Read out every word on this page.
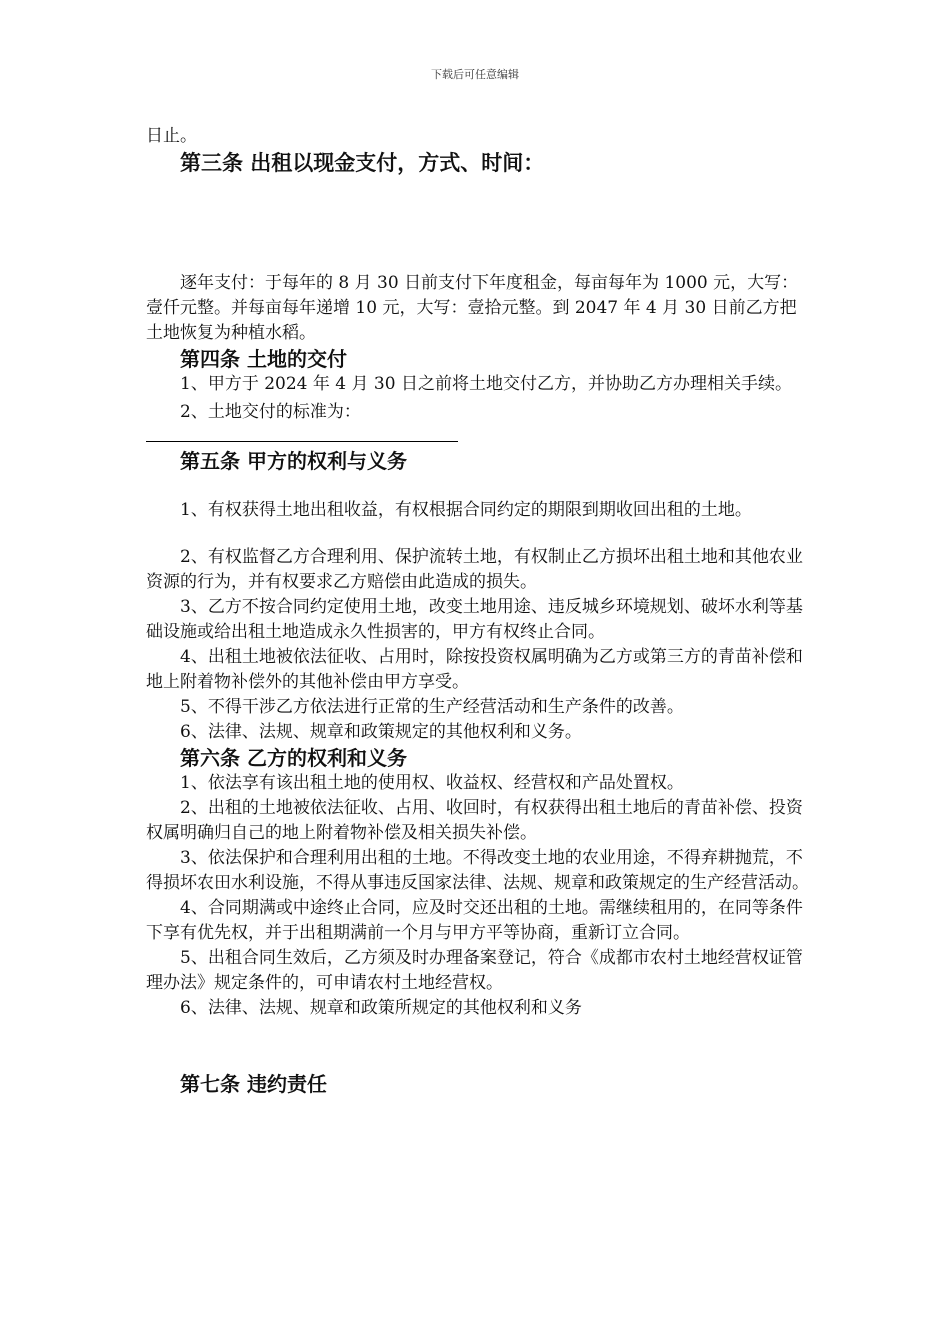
下载后可任意编辑

日止。

第三条 出租以现金支付，方式、时间：

逐年支付：于每年的 8 月 30 日前支付下年度租金，每亩每年为 1000 元，大写：壹仟元整。并每亩每年递增 10 元，大写：壹拾元整。到 2047 年 4 月 30 日前乙方把土地恢复为种植水稻。

第四条 土地的交付

1、甲方于 2024 年 4 月 30 日之前将土地交付乙方，并协助乙方办理相关手续。

2、土地交付的标准为：

第五条 甲方的权利与义务

1、有权获得土地出租收益，有权根据合同约定的期限到期收回出租的土地。

2、有权监督乙方合理利用、保护流转土地，有权制止乙方损坏出租土地和其他农业资源的行为，并有权要求乙方赔偿由此造成的损失。

3、乙方不按合同约定使用土地，改变土地用途、违反城乡环境规划、破坏水利等基础设施或给出租土地造成永久性损害的，甲方有权终止合同。

4、出租土地被依法征收、占用时，除按投资权属明确为乙方或第三方的青苗补偿和地上附着物补偿外的其他补偿由甲方享受。

5、不得干涉乙方依法进行正常的生产经营活动和生产条件的改善。

6、法律、法规、规章和政策规定的其他权利和义务。

第六条 乙方的权利和义务

1、依法享有该出租土地的使用权、收益权、经营权和产品处置权。

2、出租的土地被依法征收、占用、收回时，有权获得出租土地后的青苗补偿、投资权属明确归自己的地上附着物补偿及相关损失补偿。

3、依法保护和合理利用出租的土地。不得改变土地的农业用途，不得弃耕抛荒，不得损坏农田水利设施，不得从事违反国家法律、法规、规章和政策规定的生产经营活动。

4、合同期满或中途终止合同，应及时交还出租的土地。需继续租用的，在同等条件下享有优先权，并于出租期满前一个月与甲方平等协商，重新订立合同。

5、出租合同生效后，乙方须及时办理备案登记，符合《成都市农村土地经营权证管理办法》规定条件的，可申请农村土地经营权。

6、法律、法规、规章和政策所规定的其他权利和义务

第七条 违约责任
